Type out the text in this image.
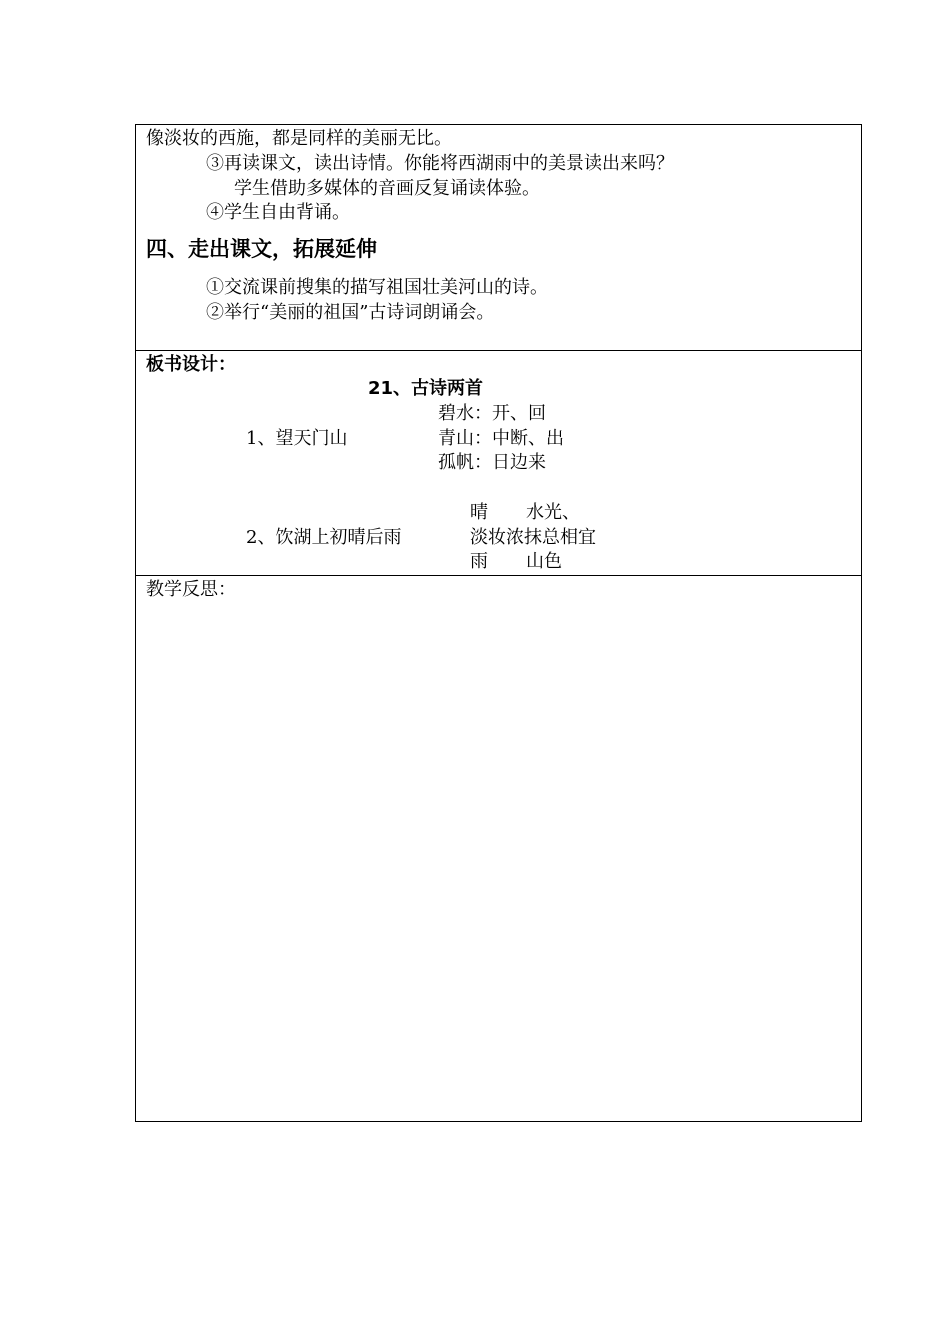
像淡妆的西施，都是同样的美丽无比。
③再读课文，读出诗情。你能将西湖雨中的美景读出来吗？
学生借助多媒体的音画反复诵读体验。
④学生自由背诵。
四、走出课文，拓展延伸
①交流课前搜集的描写祖国壮美河山的诗。
②举行“美丽的祖国”古诗词朗诵会。
板书设计：
21、古诗两首
1、望天门山
碧水：开、回
青山：中断、出
孤帆：日边来
晴 水光、
2、饮湖上初晴后雨	淡妆浓抹总相宜
雨 山色
教学反思：
